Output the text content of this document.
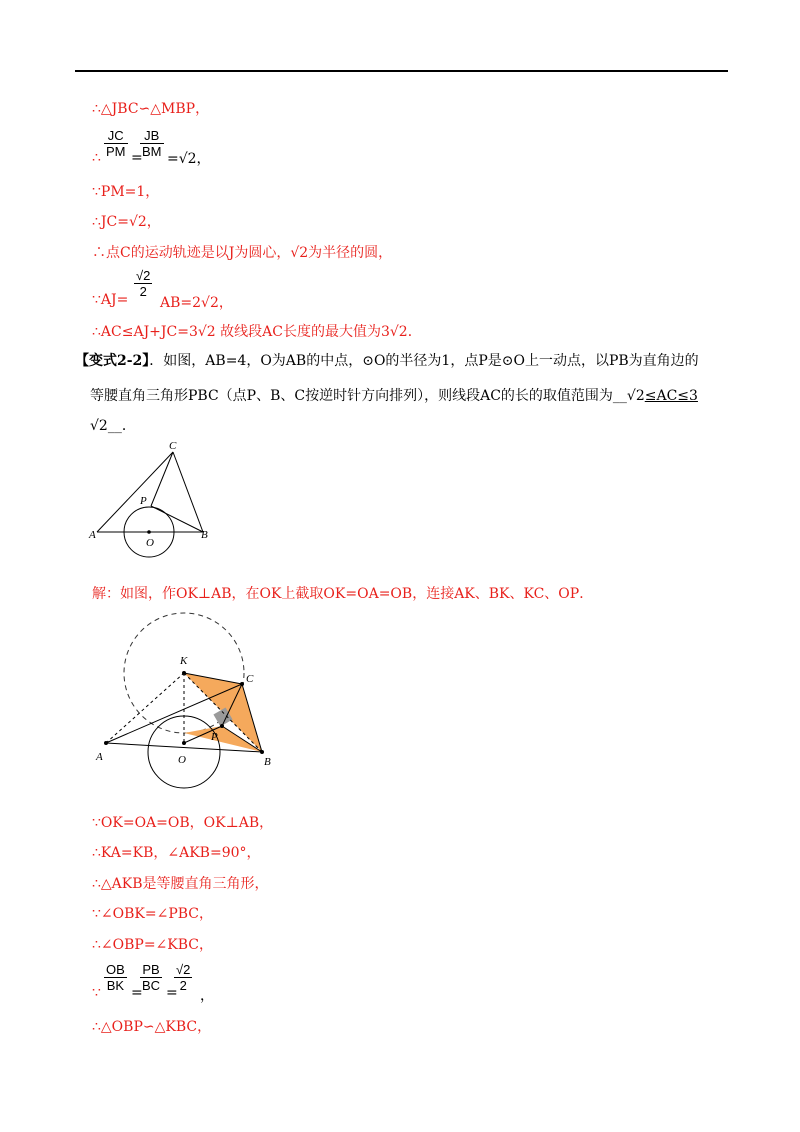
∴△JBC∽△MBP，
$\frac{JC}{PM} \frac{JB}{BM}$
∴ = =√2，
∵PM=1，
∴JC=√2，
∴点C的运动轨迹是以J为圆心，√2为半径的圆，
∵AJ=
$\frac{√2}{2}$
AB=2√2，
∴AC≤AJ+JC=3√2 故线段AC长度的最大值为3√2．
【变式2-2】．如图，AB=4，O为AB的中点，⊙O的半径为1，点P是⊙O上一动点，以PB为直角边的
等腰直角三角形PBC（点P、B、C按逆时针方向排列），则线段AC的长的取值范围为__√2≤AC≤3
√2__．
C
P
A
O
B
解：如图，作OK⊥AB，在OK上截取OK=OA=OB，连接AK、BK、KC、OP．
K
C
P
A	O	B
∵OK=OA=OB，OK⊥AB，
∴KA=KB，∠AKB=90°，
∴△AKB是等腰直角三角形，
∵∠OBK=∠PBC，
∴∠OBP=∠KBC，
$\frac{OB}{BK} \frac{PB}{BC} \frac{√2}{2}$
∵ = = ，
∴△OBP∽△KBC，
